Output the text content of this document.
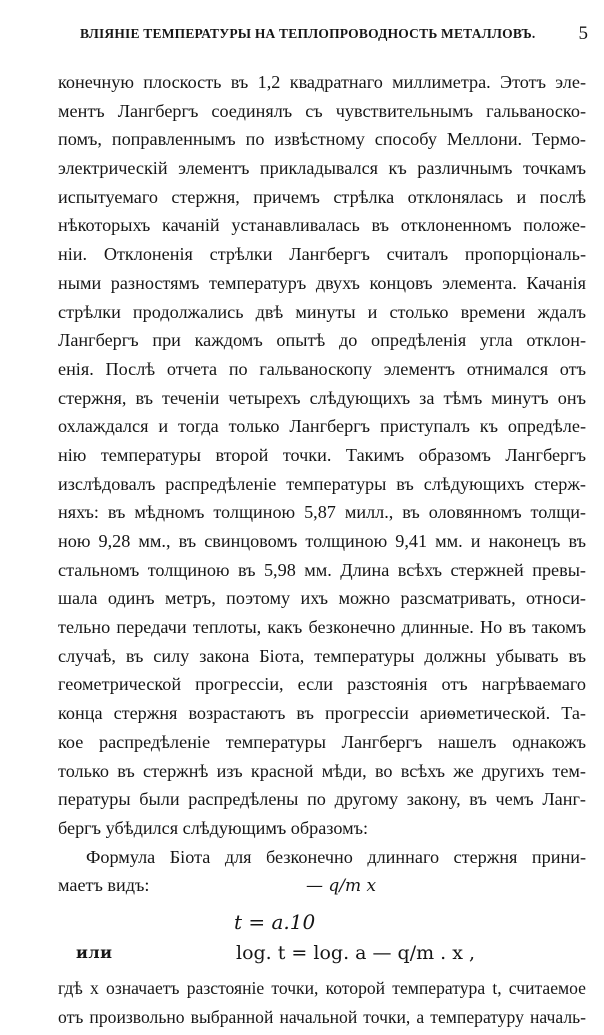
ВЛIЯНIЕ ТЕМПЕРАТУРЫ НА ТЕПЛОПРОВОДНОСТЬ МЕТАЛЛОВЪ. 5
конечную плоскость въ 1,2 квадратнаго миллиметра. Этотъ эле-
ментъ Лангбергъ соединялъ съ чувствительнымъ гальваноско-
помъ, поправленнымъ по извѣстному способу Меллони. Термо-
электрическiй элементъ прикладывался къ различнымъ точкамъ
испытуемаго стержня, причемъ стрѣлка отклонялась и послѣ
нѣкоторыхъ качанiй устанавливалась въ отклоненномъ положе-
нiи. Отклоненiя стрѣлки Лангбергъ считалъ пропорцiональ-
ными разностямъ температуръ двухъ концовъ элемента. Качанiя
стрѣлки продолжались двѣ минуты и столько времени ждалъ
Лангбергъ при каждомъ опытѣ до опредѣленiя угла отклон-
енiя. Послѣ отчета по гальваноскопу элементъ отнимался отъ
стержня, въ теченiи четырехъ слѣдующихъ за тѣмъ минутъ онъ
охлаждался и тогда только Лангбергъ приступалъ къ опредѣле-
нiю температуры второй точки. Такимъ образомъ Лангбергъ
изслѣдовалъ распредѣленiе температуры въ слѣдующихъ стерж-
няхъ: въ мѣдномъ толщиною 5,87 милл., въ оловянномъ толщи-
ною 9,28 мм., въ свинцовомъ толщиною 9,41 мм. и наконецъ въ
стальномъ толщиною въ 5,98 мм. Длина всѣхъ стержней превы-
шала одинъ метръ, поэтому ихъ можно разсматривать, относи-
тельно передачи теплоты, какъ безконечно длинные. Но въ такомъ
случаѣ, въ силу закона Бiота, температуры должны убывать въ
геометрической прогрессiи, если разстоянiя отъ нагрѣваемаго
конца стержня возрастаютъ въ прогрессiи ариѳметической. Та-
кое распредѣленiе температуры Лангбергъ нашелъ однакожъ
только въ стержнѣ изъ красной мѣди, во всѣхъ же другихъ тем-
пературы были распредѣлены по другому закону, въ чемъ Ланг-
бергъ убѣдился слѣдующимъ образомъ:
Формула Бiота для безконечно длиннаго стержня прини-
маетъ видъ:	— q/m x
t = a.10
или	log. t = log. a — q/m . x ,
гдѣ x означаетъ разстоянiе точки, которой температура t, считаемое
отъ произвольно выбранной начальной точки, a температуру началь-
